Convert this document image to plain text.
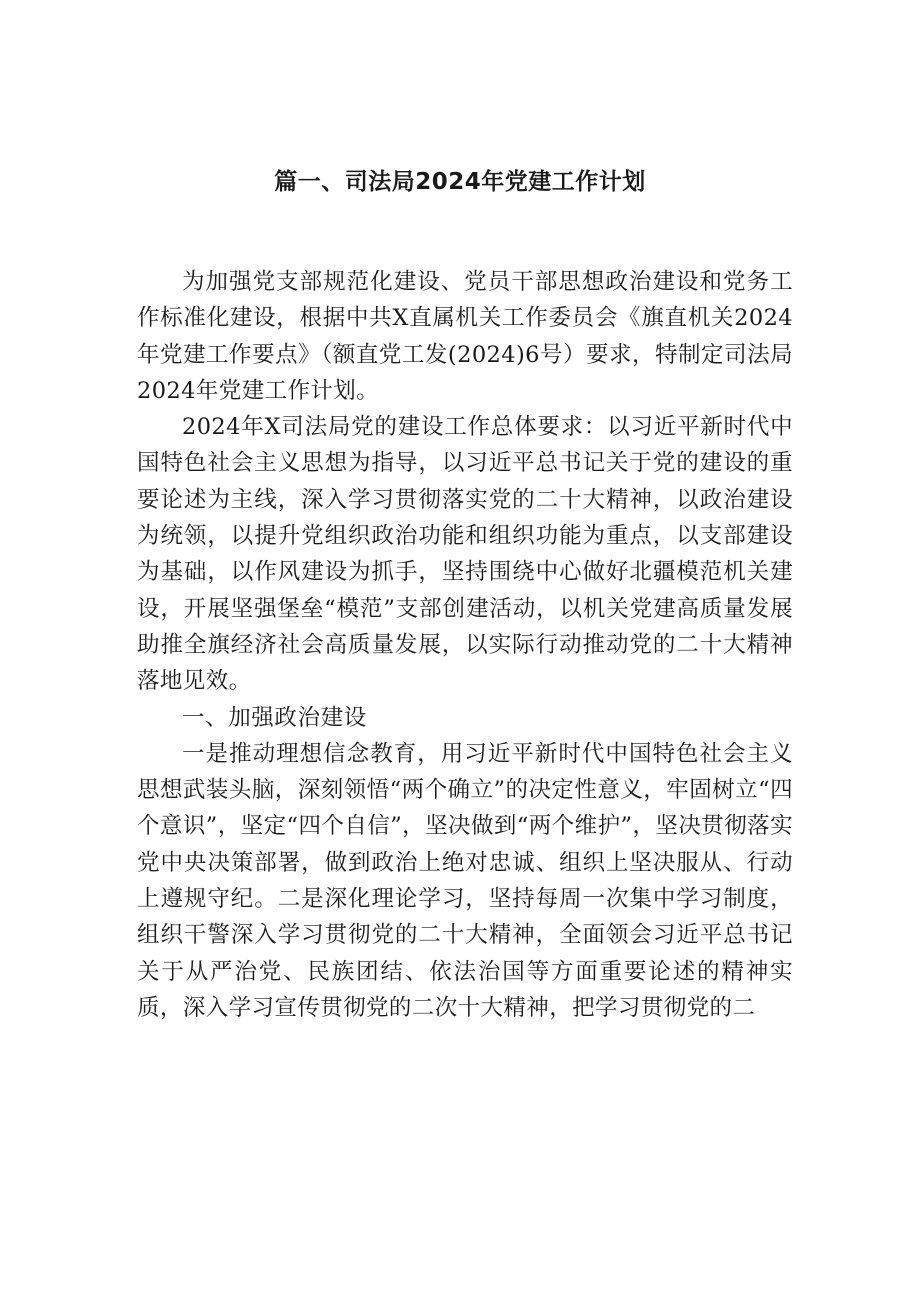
篇一、司法局2024年党建工作计划

为加强党支部规范化建设、党员干部思想政治建设和党务工作标准化建设，根据中共X直属机关工作委员会《旗直机关2024年党建工作要点》（额直党工发(2024)6号）要求，特制定司法局2024年党建工作计划。

2024年X司法局党的建设工作总体要求：以习近平新时代中国特色社会主义思想为指导，以习近平总书记关于党的建设的重要论述为主线，深入学习贯彻落实党的二十大精神，以政治建设为统领，以提升党组织政治功能和组织功能为重点，以支部建设为基础，以作风建设为抓手，坚持围绕中心做好北疆模范机关建设，开展坚强堡垒“模范”支部创建活动，以机关党建高质量发展助推全旗经济社会高质量发展，以实际行动推动党的二十大精神落地见效。

一、加强政治建设

一是推动理想信念教育，用习近平新时代中国特色社会主义思想武装头脑，深刻领悟“两个确立”的决定性意义，牢固树立“四个意识”，坚定“四个自信”，坚决做到“两个维护”，坚决贯彻落实党中央决策部署，做到政治上绝对忠诚、组织上坚决服从、行动上遵规守纪。二是深化理论学习，坚持每周一次集中学习制度，组织干警深入学习贯彻党的二十大精神，全面领会习近平总书记关于从严治党、民族团结、依法治国等方面重要论述的精神实质，深入学习宣传贯彻党的二次十大精神，把学习贯彻党的二
